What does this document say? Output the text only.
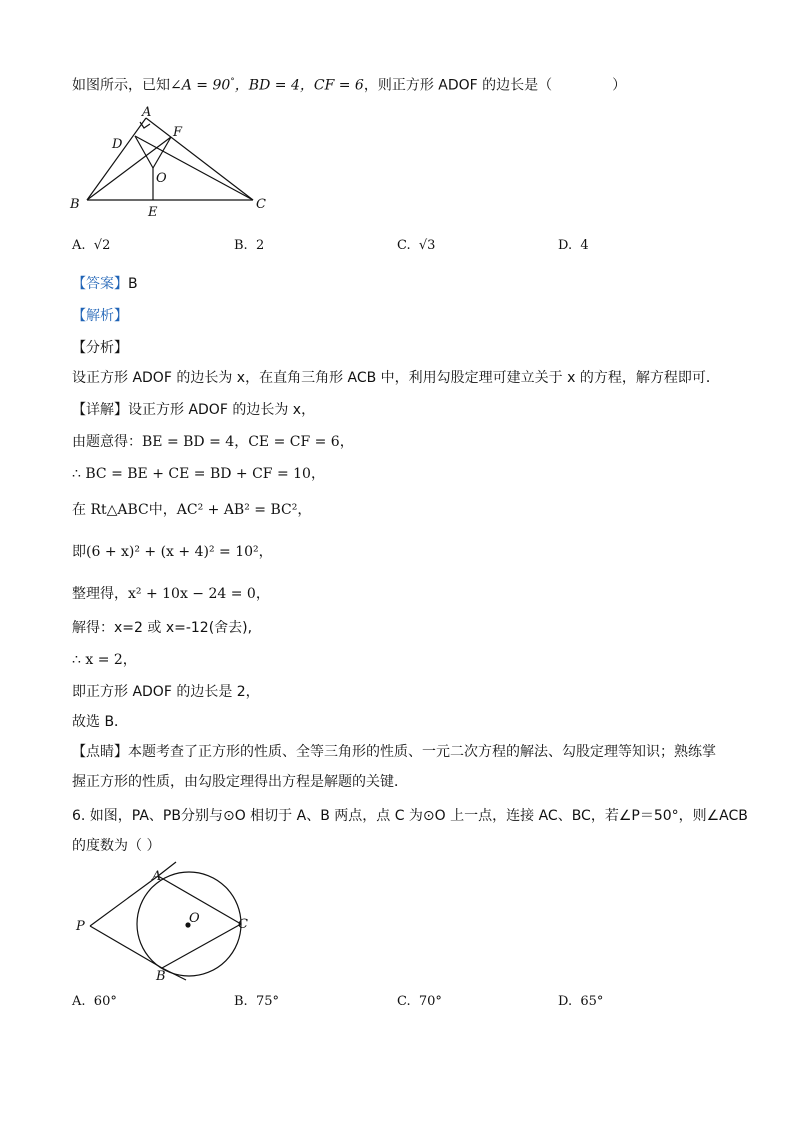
如图所示，已知∠A = 90°，BD = 4，CF = 6，则正方形 ADOF 的边长是（	）
A
D
F
O
B
E
C
A. √2	B. 2	C. √3	D. 4
【答案】B
【解析】
【分析】
设正方形 ADOF 的边长为 x，在直角三角形 ACB 中，利用勾股定理可建立关于 x 的方程，解方程即可．
【详解】设正方形 ADOF 的边长为 x，
由题意得：BE = BD = 4，CE = CF = 6，
∴ BC = BE + CE = BD + CF = 10，
在 Rt△ABC中，AC² + AB² = BC²，
即(6 + x)² + (x + 4)² = 10²，
整理得，x² + 10x − 24 = 0，
解得：x=2 或 x=-12(舍去),
∴ x = 2，
即正方形 ADOF 的边长是 2，
故选 B．
【点睛】本题考查了正方形的性质、全等三角形的性质、一元二次方程的解法、勾股定理等知识；熟练掌
握正方形的性质，由勾股定理得出方程是解题的关键．
6. 如图，PA、PB分别与⊙O 相切于 A、B 两点，点 C 为⊙O 上一点，连接 AC、BC，若∠P＝50°，则∠ACB
的度数为（ ）
A
P
O	C
B
A. 60°	B. 75°	C. 70°	D. 65°
